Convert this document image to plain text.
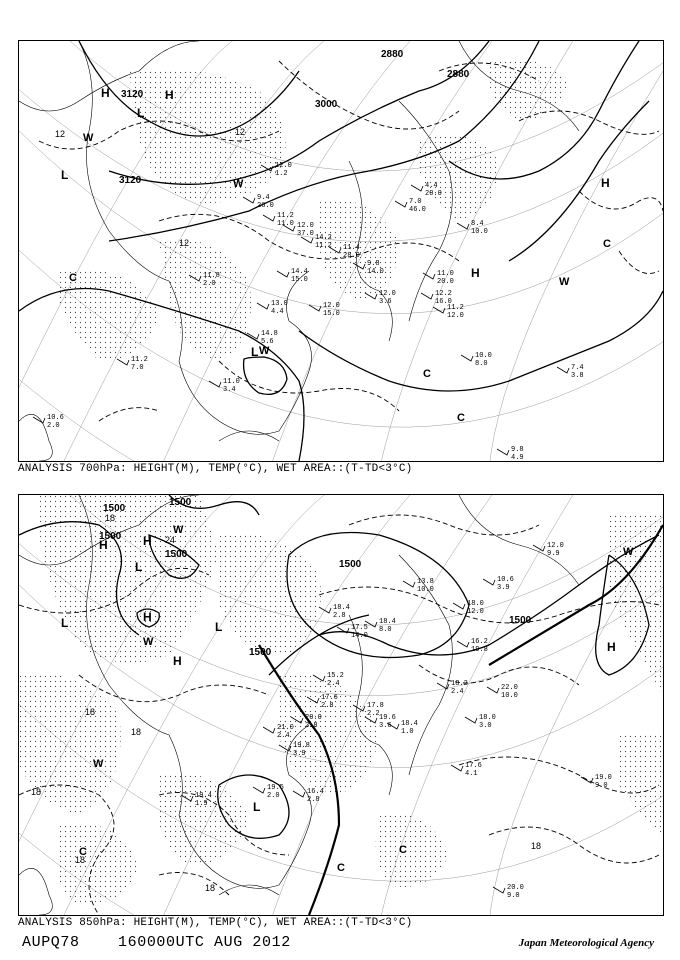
3120
3120
3000
2880
2880
12	12
12
H	H
H
H
L
L
L
C
C
C
C
W
W
W
W
12.0
1.2
9.4
26.0
11.2
11.0 12.0
37.0 14.2
11.2 11.4
28.0
9.8
14.0
12.0
3.6
14.4
15.0
13.0
4.4
11.2
7.0
11.0
3.4
10.0
8.0	7.4
3.8
9.8
4.9
10.6
2.0
12.2
16.0
11.2
12.0
8.4
10.0
7.0
46.0
4.4
20.0
11.0
20.0
11.8
2.0
12.0
15.0
14.8
5.6
ANALYSIS 700hPa: HEIGHT(M), TEMP(°C), WET AREA::(T-TD<3°C)
1500
1500
1500
1500
1500
1500
1500
18
18
18
18
18
18
18
24
H
H
H
H
H
L
L	L
L
C
C
C
W
W
W
W
10.6
3.9
12.0
9.9
13.8
10.0
18.0
12.0
16.2
19.8
17.5
14.0
18.4
8.0
15.2
2.4
17.6
2.8
19.6
3.6
18.2
2.4	22.0
10.0
18.4
1.0
20.0
2.8
21.0
2.4
19.8
3.9
19.5
2.0
20.0
9.0
19.0
9.0
17.6
4.1
18.4
2.8
17.8
2.2	18.0
3.0
19.4
1.9
16.4
2.8
ANALYSIS 850hPa: HEIGHT(M), TEMP(°C), WET AREA::(T-TD<3°C)
AUPQ78	160000UTC AUG 2012	Japan Meteorological Agency
